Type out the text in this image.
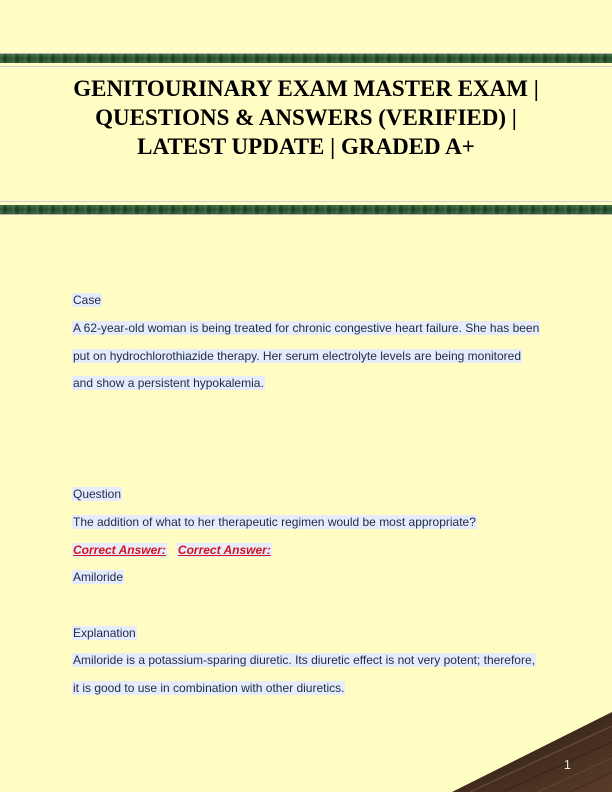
GENITOURINARY EXAM MASTER EXAM | QUESTIONS & ANSWERS (VERIFIED) | LATEST UPDATE | GRADED A+
Case
A 62-year-old woman is being treated for chronic congestive heart failure. She has been
put on hydrochlorothiazide therapy. Her serum electrolyte levels are being monitored
and show a persistent hypokalemia.
Question
The addition of what to her therapeutic regimen would be most appropriate?
Correct Answer: Correct Answer:
Amiloride
Explanation
Amiloride is a potassium-sparing diuretic. Its diuretic effect is not very potent; therefore,
it is good to use in combination with other diuretics.
1
